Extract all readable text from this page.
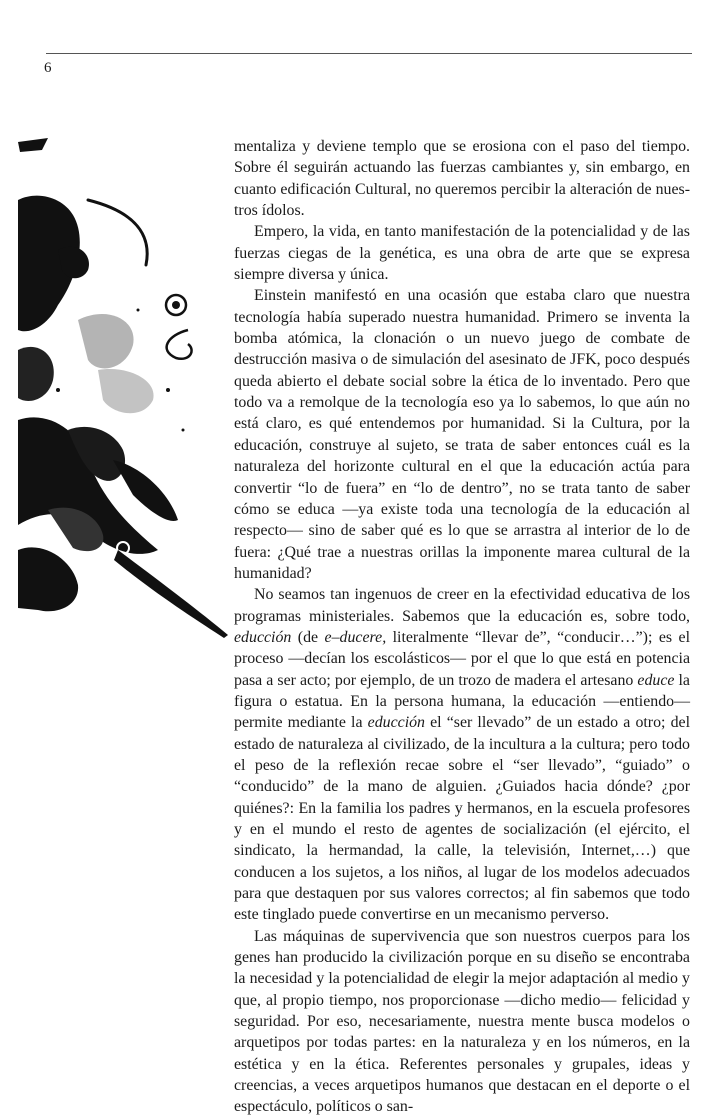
6

mentaliza y deviene templo que se erosiona con el paso del tiempo. Sobre él seguirán actuando las fuerzas cambiantes y, sin embargo, en cuanto edificación Cultural, no queremos percibir la alteración de nuestros ídolos.

Empero, la vida, en tanto manifestación de la potencialidad y de las fuerzas ciegas de la genética, es una obra de arte que se expresa siempre diversa y única.

Einstein manifestó en una ocasión que estaba claro que nuestra tecnología había superado nuestra humanidad. Primero se inventa la bomba atómica, la clonación o un nuevo juego de combate de destrucción masiva o de simulación del asesinato de JFK, poco después queda abierto el debate social sobre la ética de lo inventado. Pero que todo va a remolque de la tecnología eso ya lo sabemos, lo que aún no está claro, es qué entendemos por humanidad. Si la Cultura, por la educación, construye al sujeto, se trata de saber entonces cuál es la naturaleza del horizonte cultural en el que la educación actúa para convertir “lo de fuera” en “lo de dentro”, no se trata tanto de saber cómo se educa —ya existe toda una tecnología de la educación al respecto— sino de saber qué es lo que se arrastra al interior de lo de fuera: ¿Qué trae a nuestras orillas la imponente marea cultural de la humanidad?

No seamos tan ingenuos de creer en la efectividad educativa de los programas ministeriales. Sabemos que la educación es, sobre todo, educción (de e–ducere, literalmente “llevar de”, “conducir…”); es el proceso —decían los escolásticos— por el que lo que está en potencia pasa a ser acto; por ejemplo, de un trozo de madera el artesano educe la figura o estatua. En la persona humana, la educación —entiendo— permite mediante la educción el “ser llevado” de un estado a otro; del estado de naturaleza al civilizado, de la incultura a la cultura; pero todo el peso de la reflexión recae sobre el “ser llevado”, “guiado” o “conducido” de la mano de alguien. ¿Guiados hacia dónde? ¿por quiénes?: En la familia los padres y hermanos, en la escuela profesores y en el mundo el resto de agentes de socialización (el ejército, el sindicato, la hermandad, la calle, la televisión, Internet,…) que conducen a los sujetos, a los niños, al lugar de los modelos adecuados para que destaquen por sus valores correctos; al fin sabemos que todo este tinglado puede convertirse en un mecanismo perverso.

Las máquinas de supervivencia que son nuestros cuerpos para los genes han producido la civilización porque en su diseño se encontraba la necesidad y la potencialidad de elegir la mejor adaptación al medio y que, al propio tiempo, nos proporcionase —dicho medio— felicidad y seguridad. Por eso, necesariamente, nuestra mente busca modelos o arquetipos por todas partes: en la naturaleza y en los números, en la estética y en la ética. Referentes personales y grupales, ideas y creencias, a veces arquetipos humanos que destacan en el deporte o el espectáculo, políticos o san-
